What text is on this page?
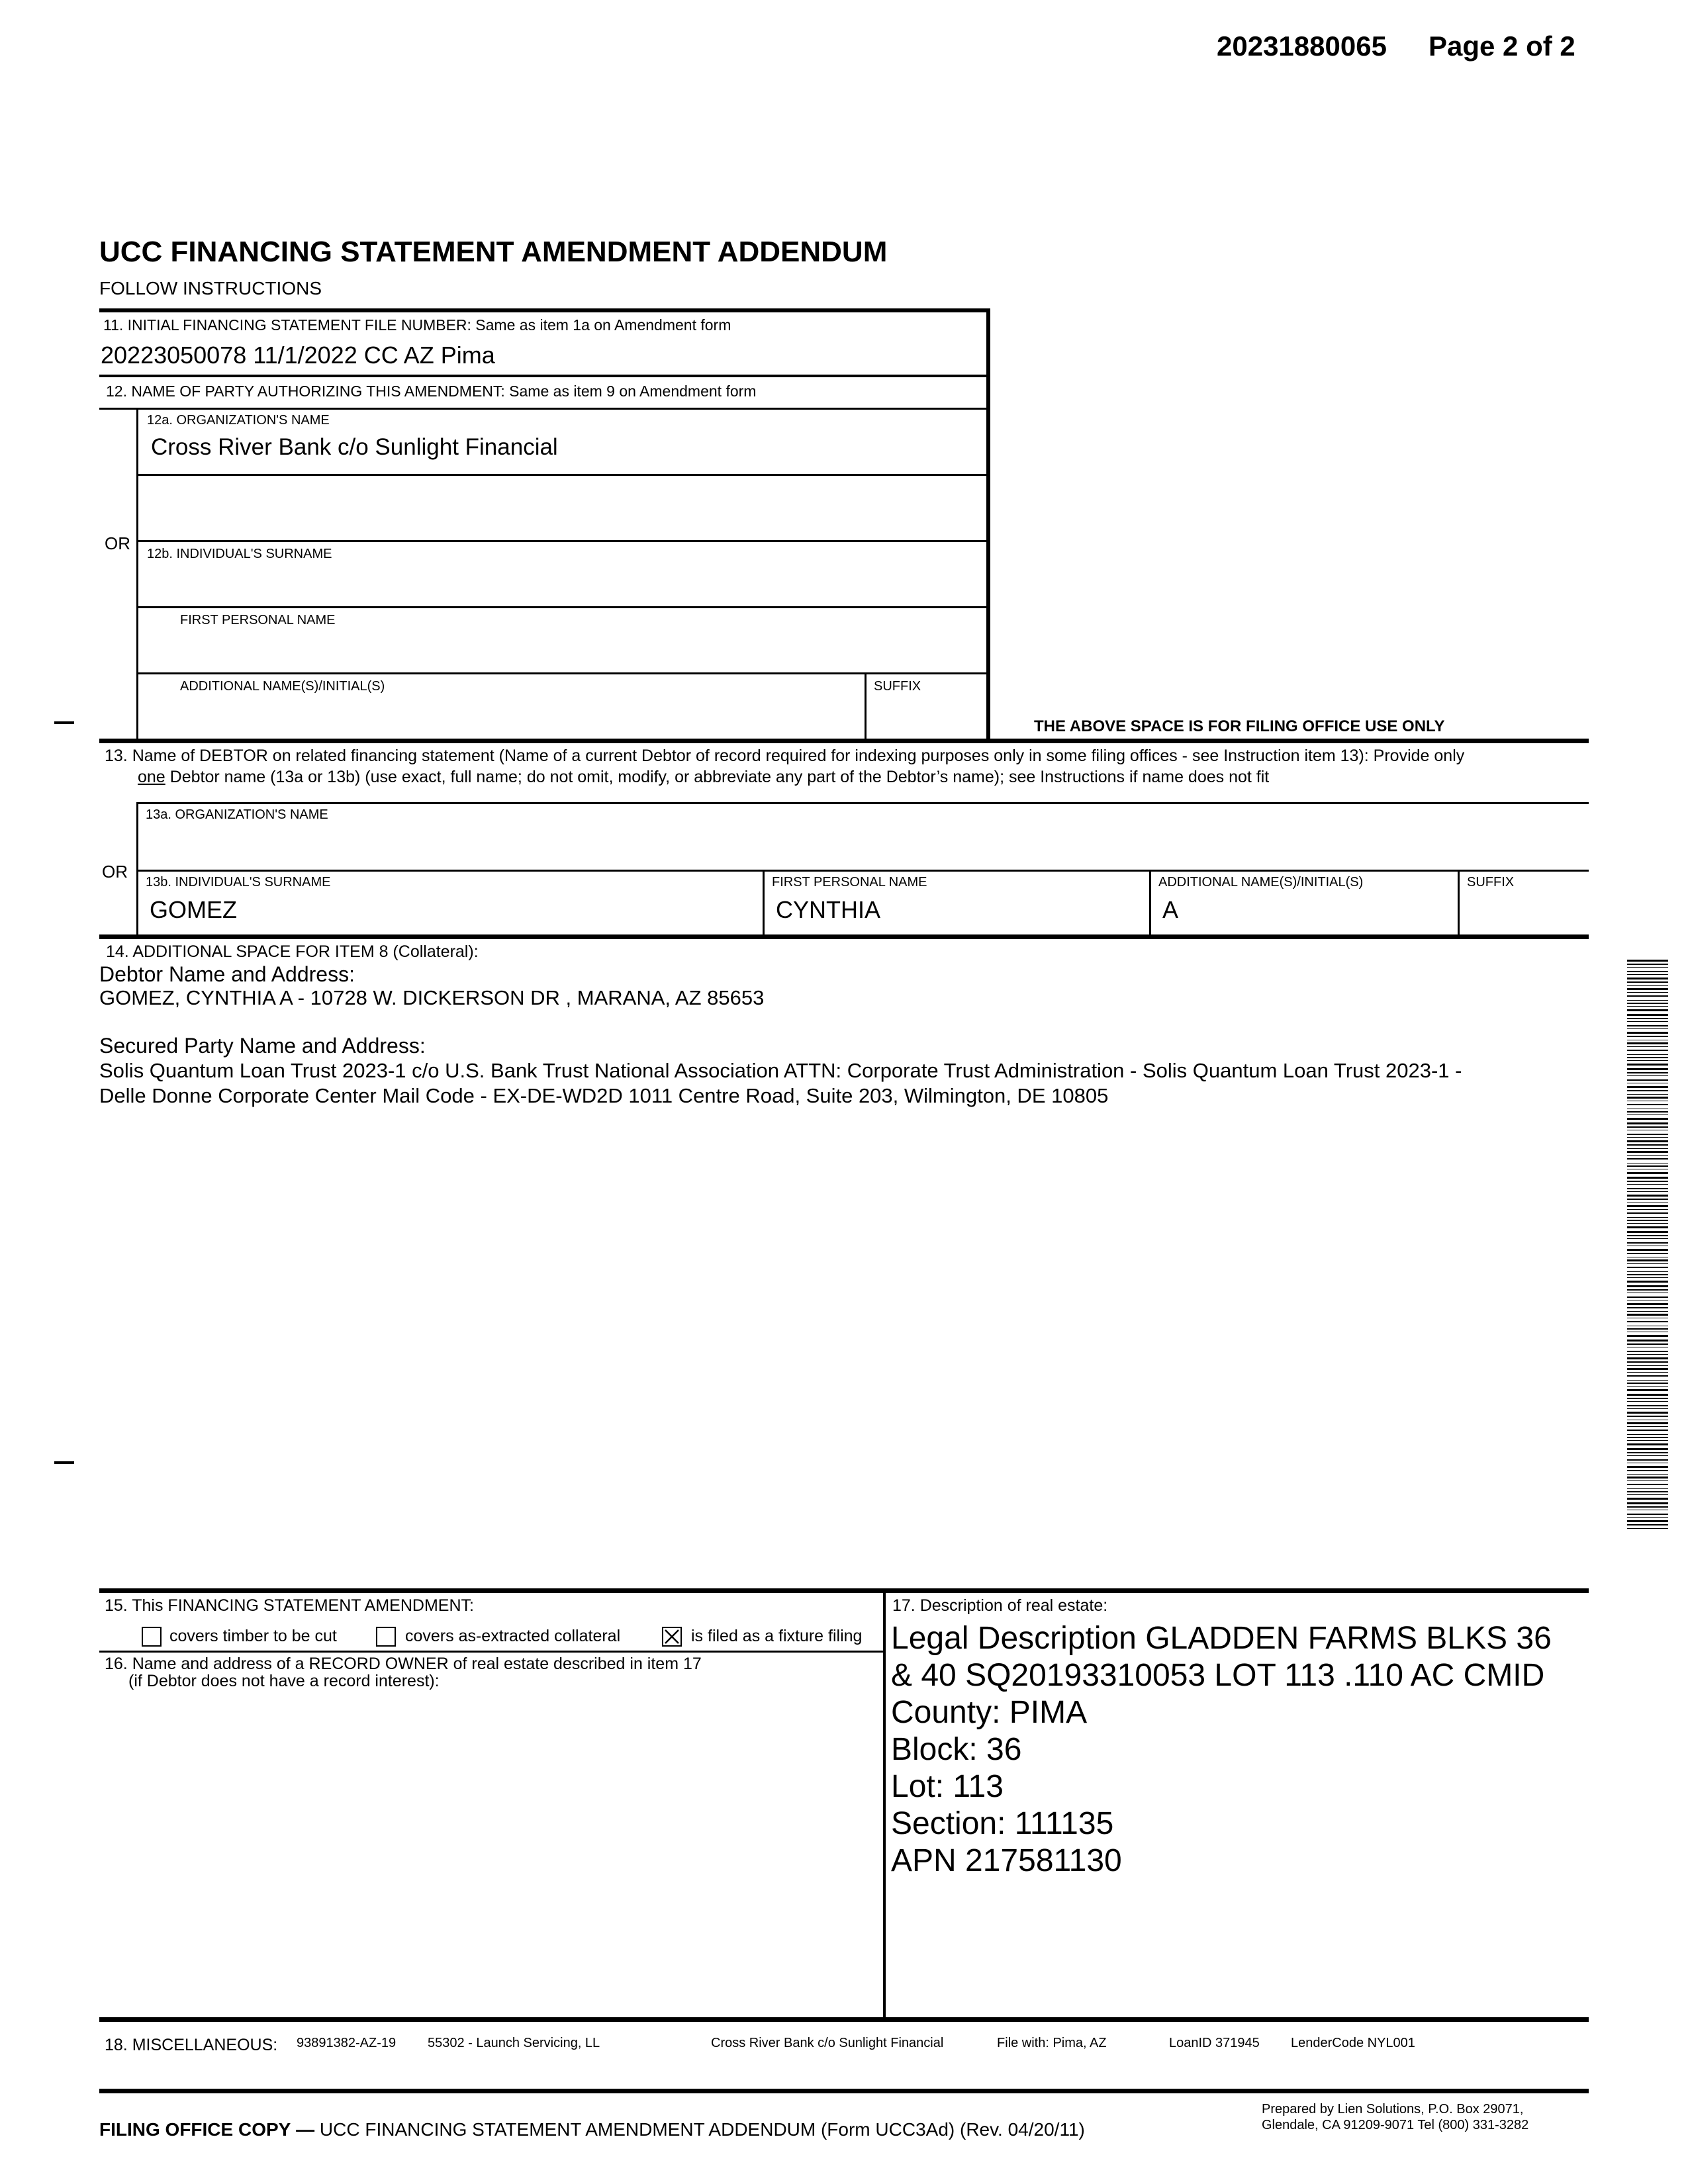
20231880065 Page 2 of 2
UCC FINANCING STATEMENT AMENDMENT ADDENDUM
FOLLOW INSTRUCTIONS
11. INITIAL FINANCING STATEMENT FILE NUMBER: Same as item 1a on Amendment form
20223050078 11/1/2022 CC AZ Pima
12. NAME OF PARTY AUTHORIZING THIS AMENDMENT: Same as item 9 on Amendment form
12a. ORGANIZATION'S NAME
Cross River Bank c/o Sunlight Financial
OR
12b. INDIVIDUAL'S SURNAME
FIRST PERSONAL NAME
ADDITIONAL NAME(S)/INITIAL(S)	SUFFIX
THE ABOVE SPACE IS FOR FILING OFFICE USE ONLY
13. Name of DEBTOR on related financing statement (Name of a current Debtor of record required for indexing purposes only in some filing offices - see Instruction item 13): Provide only
one Debtor name (13a or 13b) (use exact, full name; do not omit, modify, or abbreviate any part of the Debtor’s name); see Instructions if name does not fit
13a. ORGANIZATION'S NAME
OR
13b. INDIVIDUAL'S SURNAME
GOMEZ
FIRST PERSONAL NAME
CYNTHIA
ADDITIONAL NAME(S)/INITIAL(S)
A
SUFFIX
14. ADDITIONAL SPACE FOR ITEM 8 (Collateral):
Debtor Name and Address:
GOMEZ, CYNTHIA A - 10728 W. DICKERSON DR , MARANA, AZ 85653
Secured Party Name and Address:
Solis Quantum Loan Trust 2023-1 c/o U.S. Bank Trust National Association ATTN: Corporate Trust Administration - Solis Quantum Loan Trust 2023-1 -
Delle Donne Corporate Center Mail Code - EX-DE-WD2D 1011 Centre Road, Suite 203, Wilmington, DE 10805
15. This FINANCING STATEMENT AMENDMENT:
covers timber to be cut	covers as-extracted collateral	is filed as a fixture filing
16. Name and address of a RECORD OWNER of real estate described in item 17
(if Debtor does not have a record interest):
17. Description of real estate:
Legal Description GLADDEN FARMS BLKS 36
& 40 SQ20193310053 LOT 113 .110 AC CMID
County: PIMA
Block: 36
Lot: 113
Section: 111135
APN 217581130
18. MISCELLANEOUS: 93891382-AZ-19 55302 - Launch Servicing, LL	Cross River Bank c/o Sunlight Financial	File with: Pima, AZ	LoanID 371945 LenderCode NYL001
FILING OFFICE COPY — UCC FINANCING STATEMENT AMENDMENT ADDENDUM (Form UCC3Ad) (Rev. 04/20/11)
Prepared by Lien Solutions, P.O. Box 29071,
Glendale, CA 91209-9071 Tel (800) 331-3282
